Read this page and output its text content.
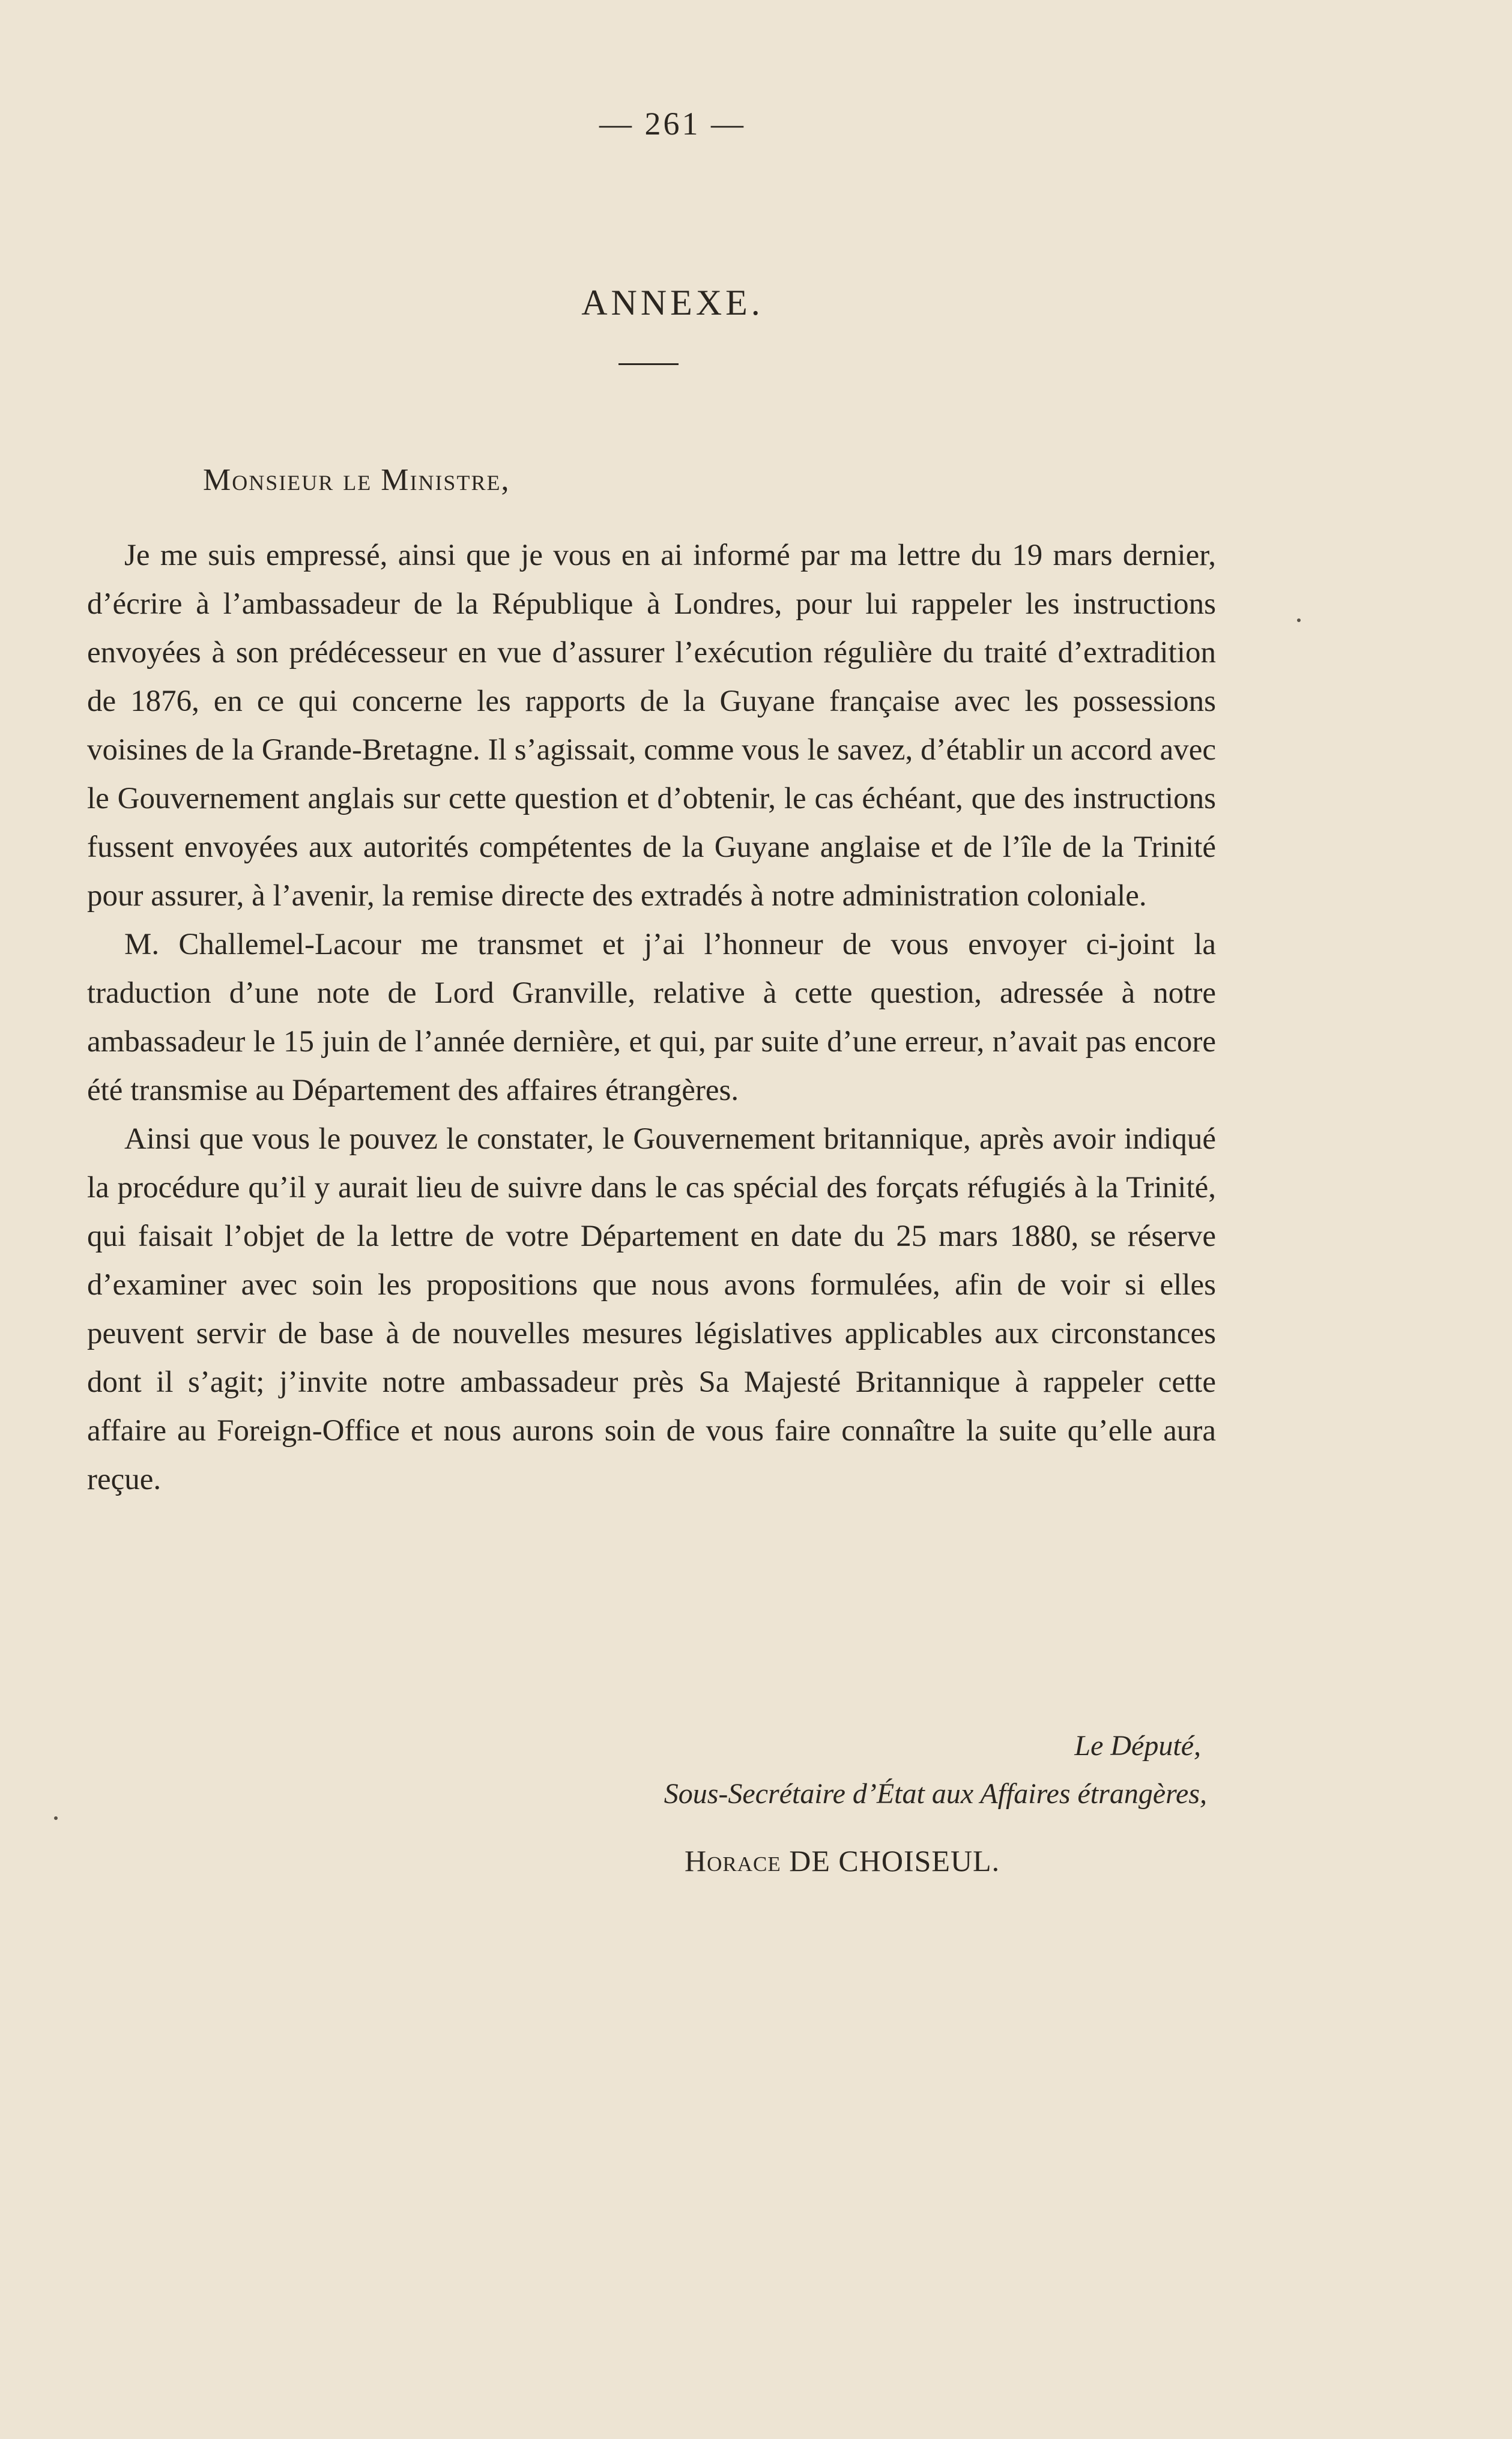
— 261 —
ANNEXE.
Monsieur le Ministre,

Je me suis empressé, ainsi que je vous en ai informé par ma lettre du 19 mars dernier, d’écrire à l’ambassadeur de la République à Londres, pour lui rappeler les instructions envoyées à son prédécesseur en vue d’assurer l’exécution régulière du traité d’extradition de 1876, en ce qui concerne les rapports de la Guyane française avec les possessions voisines de la Grande-Bretagne. Il s’agissait, comme vous le savez, d’établir un accord avec le Gouvernement anglais sur cette question et d’obtenir, le cas échéant, que des instructions fussent envoyées aux autorités compétentes de la Guyane anglaise et de l’île de la Trinité pour assurer, à l’avenir, la remise directe des extradés à notre administration coloniale.

M. Challemel-Lacour me transmet et j’ai l’honneur de vous envoyer ci-joint la traduction d’une note de Lord Granville, relative à cette question, adressée à notre ambassadeur le 15 juin de l’année dernière, et qui, par suite d’une erreur, n’avait pas encore été transmise au Département des affaires étrangères.

Ainsi que vous le pouvez le constater, le Gouvernement britannique, après avoir indiqué la procédure qu’il y aurait lieu de suivre dans le cas spécial des forçats réfugiés à la Trinité, qui faisait l’objet de la lettre de votre Département en date du 25 mars 1880, se réserve d’examiner avec soin les propositions que nous avons formulées, afin de voir si elles peuvent servir de base à de nouvelles mesures législatives applicables aux circonstances dont il s’agit; j’invite notre ambassadeur près Sa Majesté Britannique à rappeler cette affaire au Foreign-Office et nous aurons soin de vous faire connaître la suite qu’elle aura reçue.

Le Député,
Sous-Secrétaire d’État aux Affaires étrangères,
Horace DE CHOISEUL.
